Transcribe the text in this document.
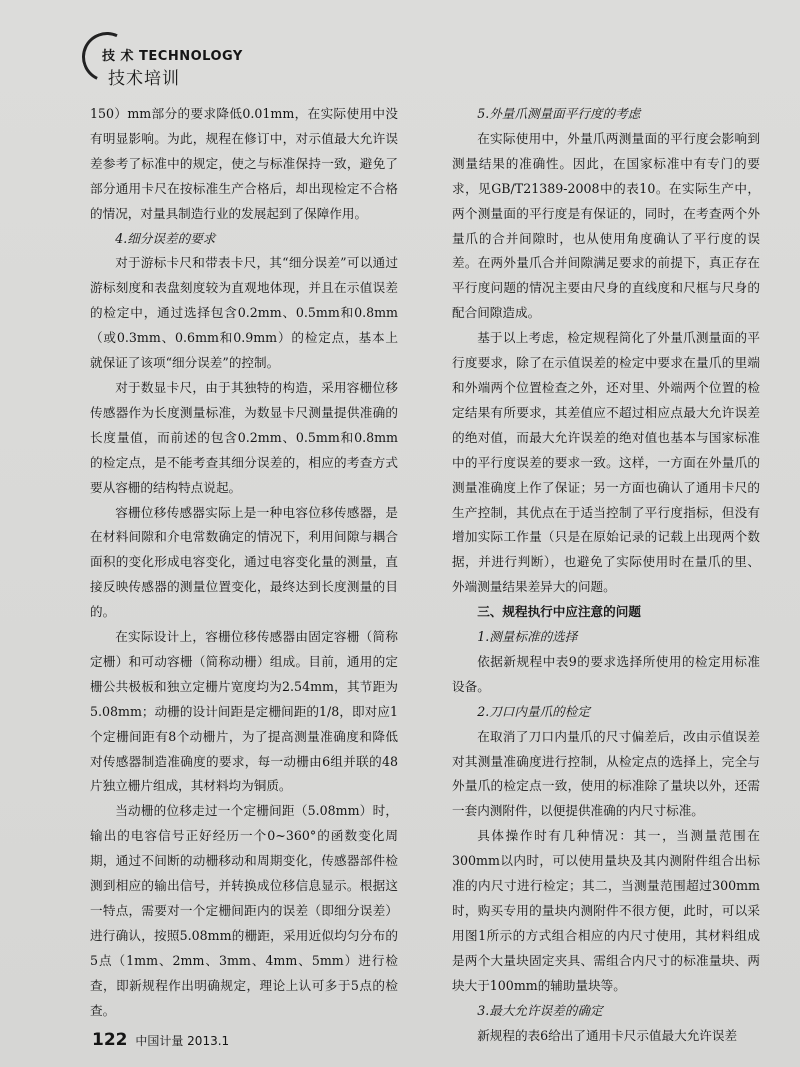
技 术 TECHNOLOGY
技术培训

150）mm部分的要求降低0.01mm，在实际使用中没有明显影响。为此，规程在修订中，对示值最大允许误差参考了标准中的规定，使之与标准保持一致，避免了部分通用卡尺在按标准生产合格后，却出现检定不合格的情况，对量具制造行业的发展起到了保障作用。

4.细分误差的要求

对于游标卡尺和带表卡尺，其“细分误差”可以通过游标刻度和表盘刻度较为直观地体现，并且在示值误差的检定中，通过选择包含0.2mm、0.5mm和0.8mm（或0.3mm、0.6mm和0.9mm）的检定点，基本上就保证了该项“细分误差”的控制。

对于数显卡尺，由于其独特的构造，采用容栅位移传感器作为长度测量标准，为数显卡尺测量提供准确的长度量值，而前述的包含0.2mm、0.5mm和0.8mm的检定点，是不能考查其细分误差的，相应的考查方式要从容栅的结构特点说起。

容栅位移传感器实际上是一种电容位移传感器，是在材料间隙和介电常数确定的情况下，利用间隙与耦合面积的变化形成电容变化，通过电容变化量的测量，直接反映传感器的测量位置变化，最终达到长度测量的目的。

在实际设计上，容栅位移传感器由固定容栅（简称定栅）和可动容栅（简称动栅）组成。目前，通用的定栅公共极板和独立定栅片宽度均为2.54mm，其节距为5.08mm；动栅的设计间距是定栅间距的1/8，即对应1个定栅间距有8个动栅片，为了提高测量准确度和降低对传感器制造准确度的要求，每一动栅由6组并联的48片独立栅片组成，其材料均为铜质。

当动栅的位移走过一个定栅间距（5.08mm）时，输出的电容信号正好经历一个0~360°的函数变化周期，通过不间断的动栅移动和周期变化，传感器部件检测到相应的输出信号，并转换成位移信息显示。根据这一特点，需要对一个定栅间距内的误差（即细分误差）进行确认，按照5.08mm的栅距，采用近似均匀分布的5点（1mm、2mm、3mm、4mm、5mm）进行检查，即新规程作出明确规定，理论上认可多于5点的检查。

5.外量爪测量面平行度的考虑

在实际使用中，外量爪两测量面的平行度会影响到测量结果的准确性。因此，在国家标准中有专门的要求，见GB/T21389-2008中的表10。在实际生产中，两个测量面的平行度是有保证的，同时，在考查两个外量爪的合并间隙时，也从使用角度确认了平行度的误差。在两外量爪合并间隙满足要求的前提下，真正存在平行度问题的情况主要由尺身的直线度和尺框与尺身的配合间隙造成。

基于以上考虑，检定规程简化了外量爪测量面的平行度要求，除了在示值误差的检定中要求在量爪的里端和外端两个位置检查之外，还对里、外端两个位置的检定结果有所要求，其差值应不超过相应点最大允许误差的绝对值，而最大允许误差的绝对值也基本与国家标准中的平行度误差的要求一致。这样，一方面在外量爪的测量准确度上作了保证；另一方面也确认了通用卡尺的生产控制，其优点在于适当控制了平行度指标，但没有增加实际工作量（只是在原始记录的记载上出现两个数据，并进行判断），也避免了实际使用时在量爪的里、外端测量结果差异大的问题。

三、规程执行中应注意的问题

1.测量标准的选择

依据新规程中表9的要求选择所使用的检定用标准设备。

2.刀口内量爪的检定

在取消了刀口内量爪的尺寸偏差后，改由示值误差对其测量准确度进行控制，从检定点的选择上，完全与外量爪的检定点一致，使用的标准除了量块以外，还需一套内测附件，以便提供准确的内尺寸标准。

具体操作时有几种情况：其一，当测量范围在300mm以内时，可以使用量块及其内测附件组合出标准的内尺寸进行检定；其二，当测量范围超过300mm时，购买专用的量块内测附件不很方便，此时，可以采用图1所示的方式组合相应的内尺寸使用，其材料组成是两个大量块固定夹具、需组合内尺寸的标准量块、两块大于100mm的辅助量块等。

3.最大允许误差的确定

新规程的表6给出了通用卡尺示值最大允许误差

122 中国计量 2013.1
